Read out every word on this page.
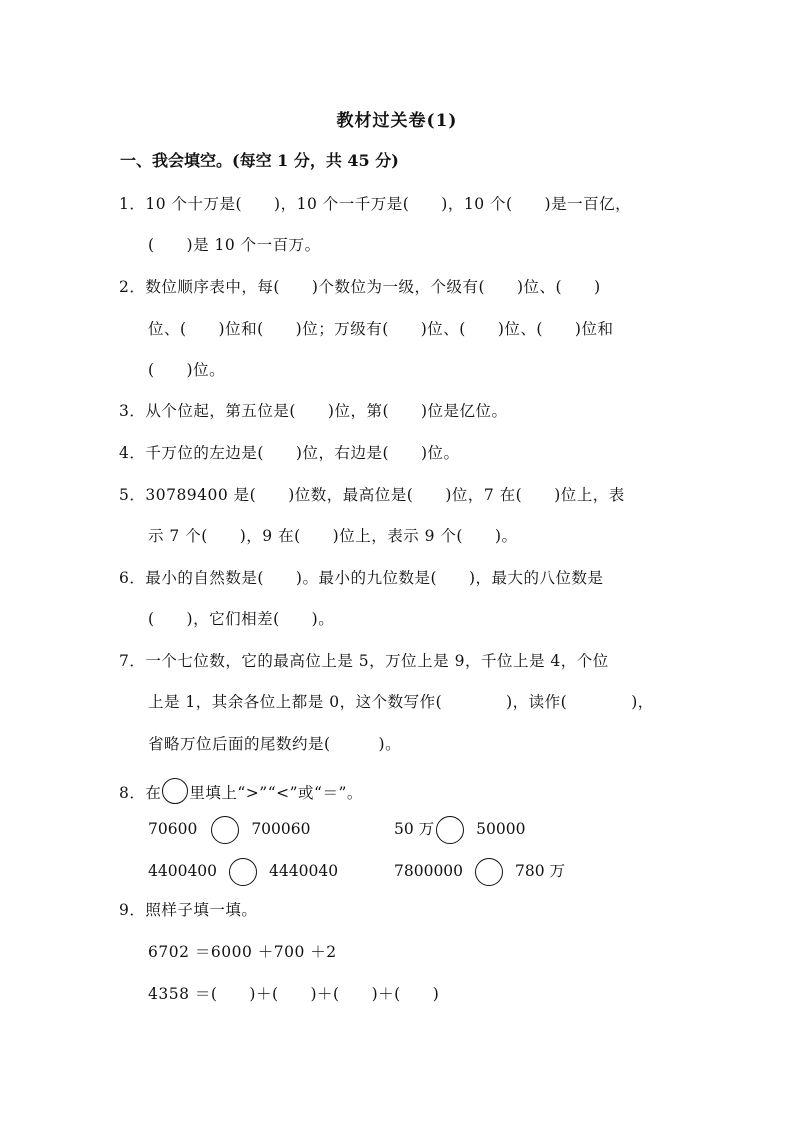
教材过关卷(1)
一、我会填空。(每空 1 分，共 45 分)
1．10 个十万是(　　)，10 个一千万是(　　)，10 个(　　)是一百亿，
(　　)是 10 个一百万。
2．数位顺序表中，每(　　)个数位为一级，个级有(　　)位、(　　)
位、(　　)位和(　　)位；万级有(　　)位、(　　)位、(　　)位和
(　　)位。
3．从个位起，第五位是(　　)位，第(　　)位是亿位。
4．千万位的左边是(　　)位，右边是(　　)位。
5．30789400 是(　　)位数，最高位是(　　)位，7 在(　　)位上，表
示 7 个(　　)，9 在(　　)位上，表示 9 个(　　)。
6．最小的自然数是(　　)。最小的九位数是(　　)，最大的八位数是
(　　)，它们相差(　　)。
7．一个七位数，它的最高位上是 5，万位上是 9，千位上是 4，个位
上是 1，其余各位上都是 0，这个数写作(　　　　)，读作(　　　　)，
省略万位后面的尾数约是(　　　)。
8．在 里填上“>”“<”或“＝”。
70600	700060	50 万	50000
4400400	4440040	7800000	780 万
9．照样子填一填。
6702 ＝6000 ＋700 ＋2
4358 ＝(　　)＋(　　)＋(　　)＋(　　)
